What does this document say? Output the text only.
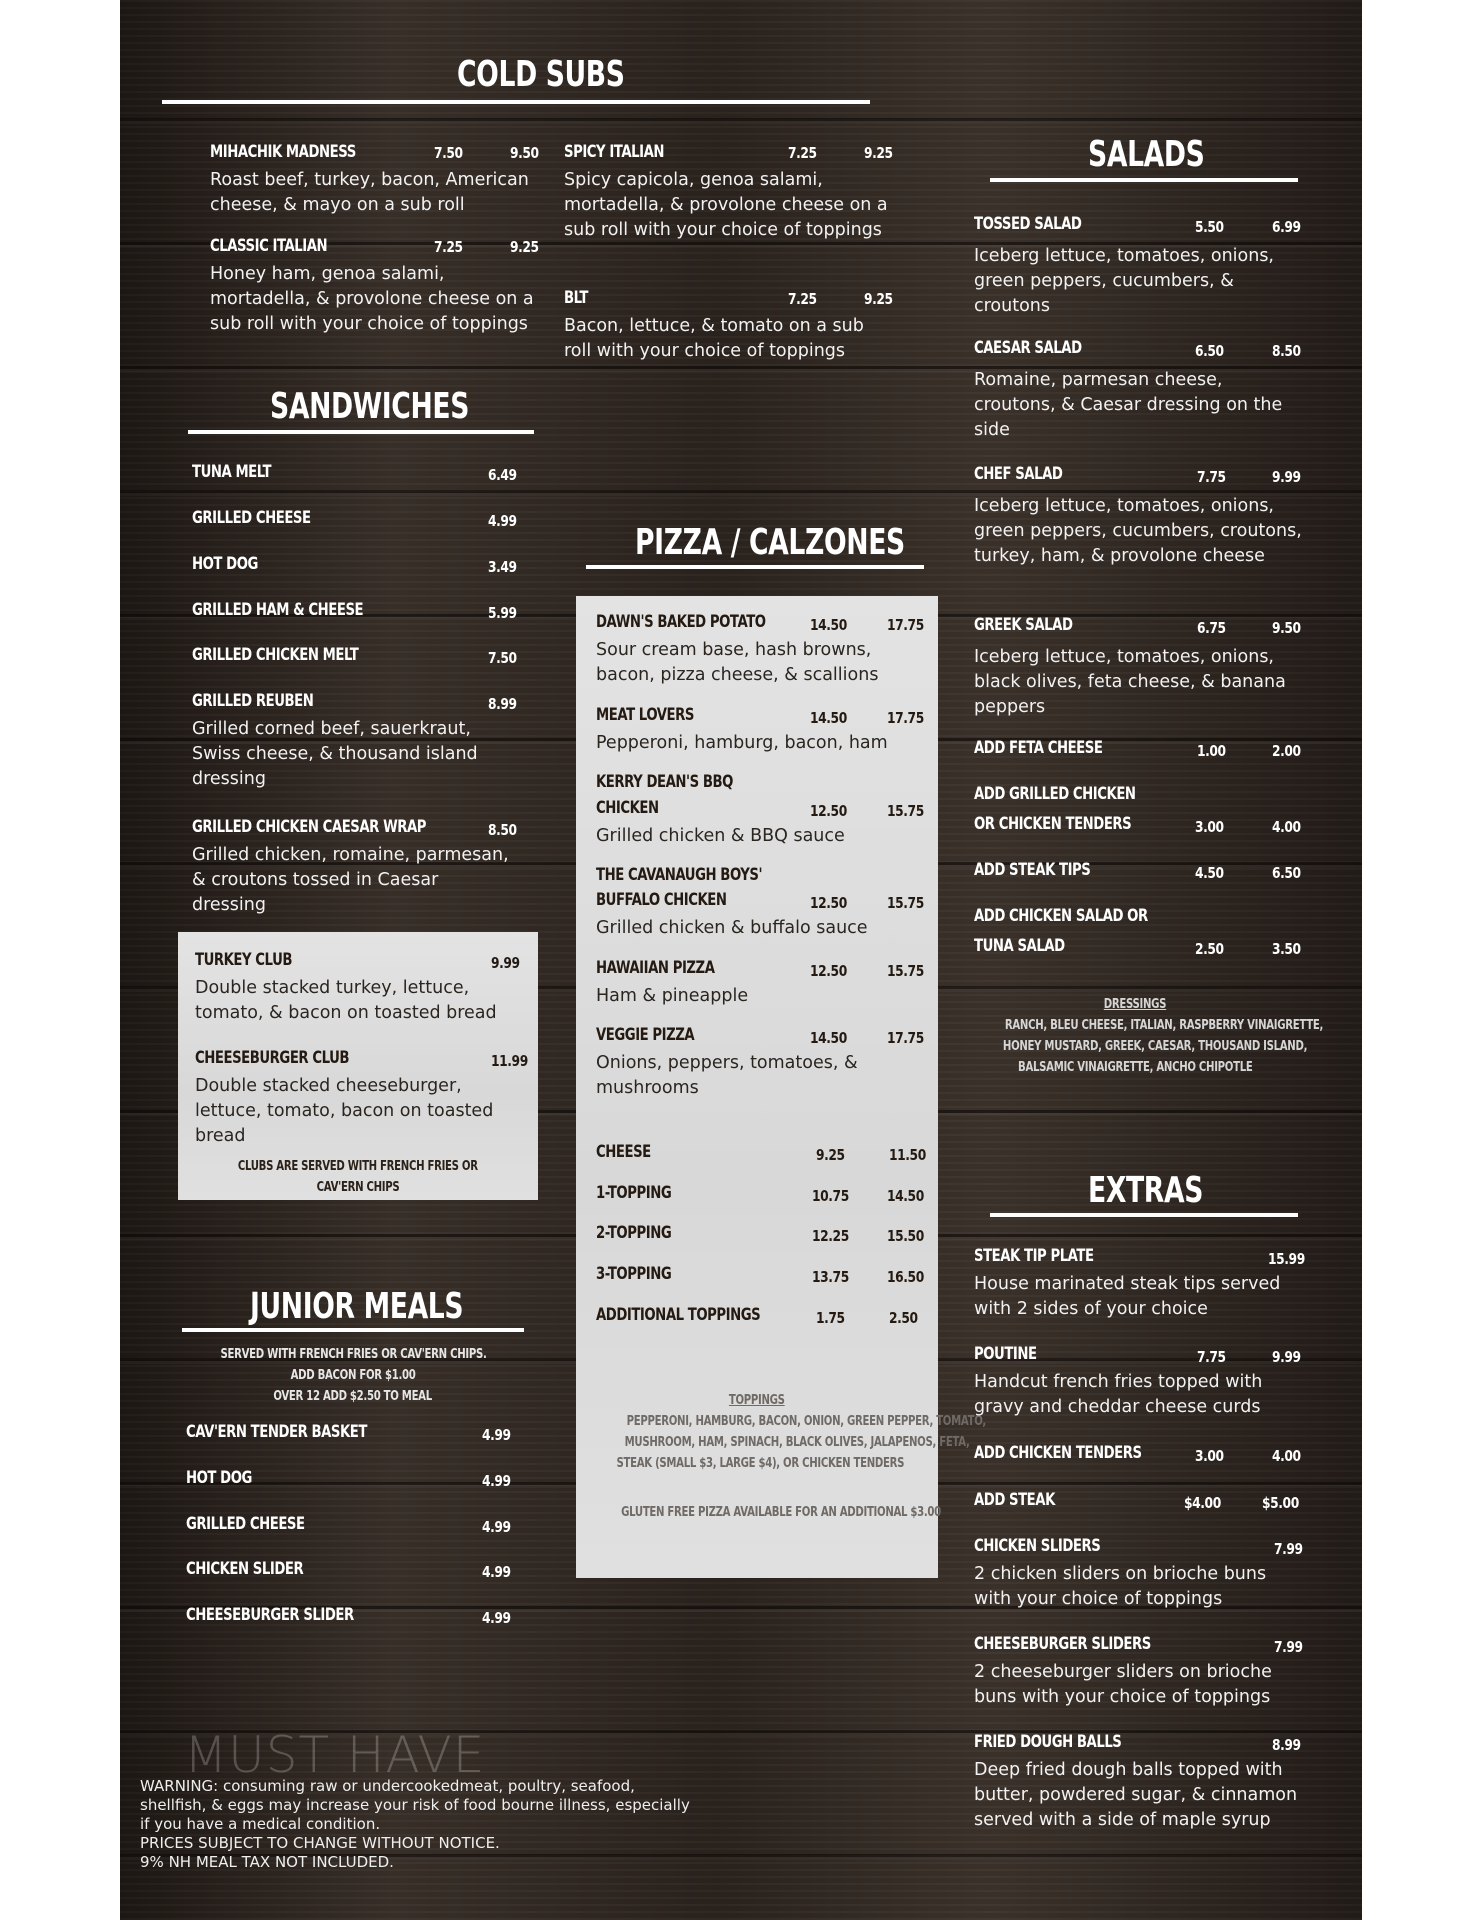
COLD SUBS
MIHACHIK MADNESS	7.50	9.50
Roast beef, turkey, bacon, American cheese, & mayo on a sub roll
CLASSIC ITALIAN	7.25	9.25
Honey ham, genoa salami, mortadella, & provolone cheese on a sub roll with your choice of toppings
SPICY ITALIAN	7.25	9.25
Spicy capicola, genoa salami, mortadella, & provolone cheese on a sub roll with your choice of toppings
BLT	7.25	9.25
Bacon, lettuce, & tomato on a sub roll with your choice of toppings
SANDWICHES
TUNA MELT	6.49
GRILLED CHEESE	4.99
HOT DOG	3.49
GRILLED HAM & CHEESE	5.99
GRILLED CHICKEN MELT	7.50
GRILLED REUBEN	8.99
Grilled corned beef, sauerkraut, Swiss cheese, & thousand island dressing
GRILLED CHICKEN CAESAR WRAP	8.50
Grilled chicken, romaine, parmesan, & croutons tossed in Caesar dressing
TURKEY CLUB	9.99
Double stacked turkey, lettuce, tomato, & bacon on toasted bread
CHEESEBURGER CLUB	11.99
Double stacked cheeseburger, lettuce, tomato, bacon on toasted bread
CLUBS ARE SERVED WITH FRENCH FRIES OR
CAV'ERN CHIPS
JUNIOR MEALS
SERVED WITH FRENCH FRIES OR CAV'ERN CHIPS.
ADD BACON FOR $1.00
OVER 12 ADD $2.50 TO MEAL
CAV'ERN TENDER BASKET	4.99
HOT DOG	4.99
GRILLED CHEESE	4.99
CHICKEN SLIDER	4.99
CHEESEBURGER SLIDER	4.99
PIZZA / CALZONES
DAWN'S BAKED POTATO	14.50	17.75
Sour cream base, hash browns, bacon, pizza cheese, & scallions
MEAT LOVERS	14.50	17.75
Pepperoni, hamburg, bacon, ham
KERRY DEAN'S BBQ
CHICKEN	12.50	15.75
Grilled chicken & BBQ sauce
THE CAVANAUGH BOYS'
BUFFALO CHICKEN	12.50	15.75
Grilled chicken & buffalo sauce
HAWAIIAN PIZZA	12.50	15.75
Ham & pineapple
VEGGIE PIZZA	14.50	17.75
Onions, peppers, tomatoes, & mushrooms
CHEESE	9.25	11.50
1-TOPPING	10.75	14.50
2-TOPPING	12.25	15.50
3-TOPPING	13.75	16.50
ADDITIONAL TOPPINGS	1.75	2.50
TOPPINGS
PEPPERONI, HAMBURG, BACON, ONION, GREEN PEPPER, TOMATO,
MUSHROOM, HAM, SPINACH, BLACK OLIVES, JALAPENOS, FETA,
STEAK (SMALL $3, LARGE $4), OR CHICKEN TENDERS
GLUTEN FREE PIZZA AVAILABLE FOR AN ADDITIONAL $3.00
SALADS
TOSSED SALAD	5.50	6.99
Iceberg lettuce, tomatoes, onions, green peppers, cucumbers, & croutons
CAESAR SALAD	6.50	8.50
Romaine, parmesan cheese, croutons, & Caesar dressing on the side
CHEF SALAD	7.75	9.99
Iceberg lettuce, tomatoes, onions, green peppers, cucumbers, croutons, turkey, ham, & provolone cheese
GREEK SALAD	6.75	9.50
Iceberg lettuce, tomatoes, onions, black olives, feta cheese, & banana peppers
ADD FETA CHEESE	1.00	2.00
ADD GRILLED CHICKEN
OR CHICKEN TENDERS	3.00	4.00
ADD STEAK TIPS	4.50	6.50
ADD CHICKEN SALAD OR
TUNA SALAD	2.50	3.50
DRESSINGS
RANCH, BLEU CHEESE, ITALIAN, RASPBERRY VINAIGRETTE,
HONEY MUSTARD, GREEK, CAESAR, THOUSAND ISLAND,
BALSAMIC VINAIGRETTE, ANCHO CHIPOTLE
EXTRAS
STEAK TIP PLATE	15.99
House marinated steak tips served with 2 sides of your choice
POUTINE	7.75	9.99
Handcut french fries topped with gravy and cheddar cheese curds
ADD CHICKEN TENDERS	3.00	4.00
ADD STEAK	$4.00	$5.00
CHICKEN SLIDERS	7.99
2 chicken sliders on brioche buns with your choice of toppings
CHEESEBURGER SLIDERS	7.99
2 cheeseburger sliders on brioche buns with your choice of toppings
FRIED DOUGH BALLS	8.99
Deep fried dough balls topped with butter, powdered sugar, & cinnamon served with a side of maple syrup
MUST HAVE
WARNING: consuming raw or undercookedmeat, poultry, seafood,
shellfish, & eggs may increase your risk of food bourne illness, especially
if you have a medical condition.
PRICES SUBJECT TO CHANGE WITHOUT NOTICE.
9% NH MEAL TAX NOT INCLUDED.
